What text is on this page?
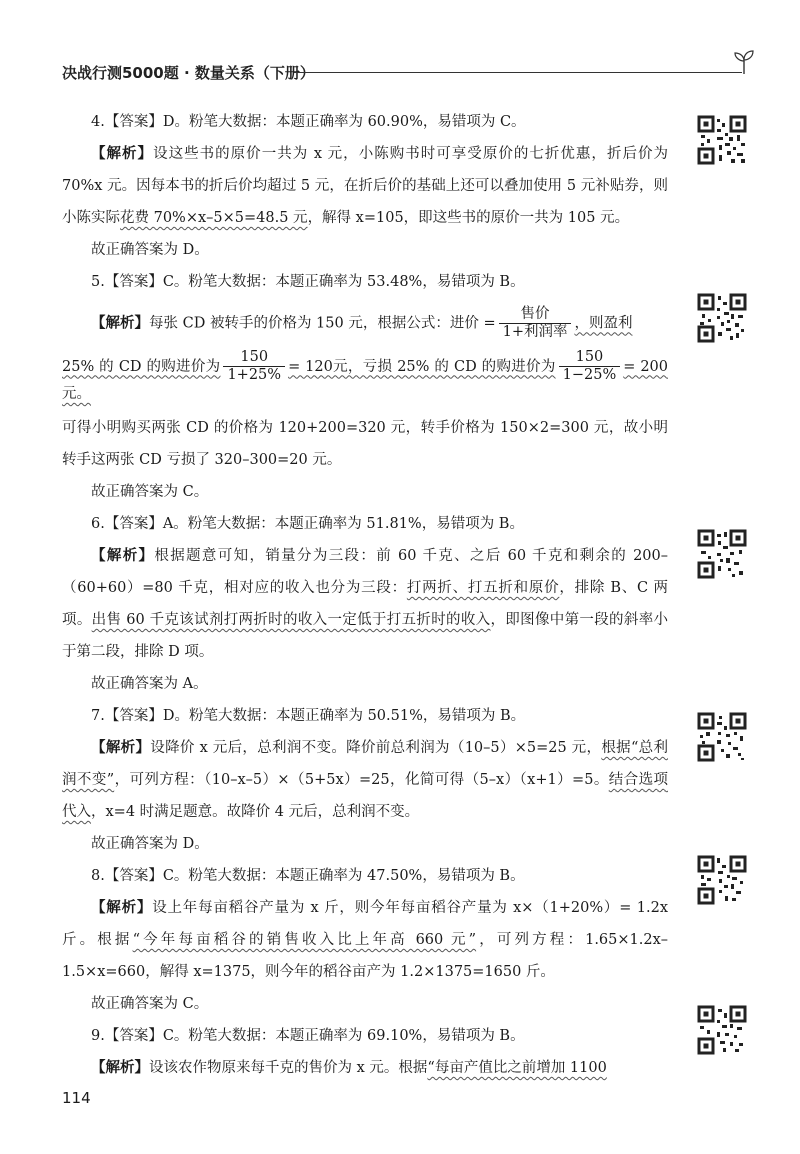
决战行测5000题 · 数量关系（下册）

4.【答案】D。粉笔大数据：本题正确率为 60.90%，易错项为 C。

【解析】设这些书的原价一共为 x 元，小陈购书时可享受原价的七折优惠，折后价为 70%x 元。因每本书的折后价均超过 5 元，在折后价的基础上还可以叠加使用 5 元补贴券，则小陈实际花费 70%×x–5×5=48.5 元，解得 x=105，即这些书的原价一共为 105 元。

故正确答案为 D。

5.【答案】C。粉笔大数据：本题正确率为 53.48%，易错项为 B。

【解析】每张 CD 被转手的价格为 150 元，根据公式：进价 = $\frac{\text{售价}}{\text{1+利润率}}$ ，则盈利

25% 的 CD 的购进价为 $\frac{150}{1+25\%} = 120$元，亏损 25% 的 CD 的购进价为 $\frac{150}{1-25\%} = 200$元。

可得小明购买两张 CD 的价格为 120+200=320 元，转手价格为 150×2=300 元，故小明转手这两张 CD 亏损了 320–300=20 元。

故正确答案为 C。

6.【答案】A。粉笔大数据：本题正确率为 51.81%，易错项为 B。

【解析】根据题意可知，销量分为三段：前 60 千克、之后 60 千克和剩余的 200–（60+60）=80 千克，相对应的收入也分为三段：打两折、打五折和原价，排除 B、C 两项。出售 60 千克该试剂打两折时的收入一定低于打五折时的收入，即图像中第一段的斜率小于第二段，排除 D 项。

故正确答案为 A。

7.【答案】D。粉笔大数据：本题正确率为 50.51%，易错项为 B。

【解析】设降价 x 元后，总利润不变。降价前总利润为（10–5）×5=25 元，根据“总利润不变”，可列方程：（10–x–5）×（5+5x）=25，化简可得（5–x）（x+1）=5。结合选项代入，x=4 时满足题意。故降价 4 元后，总利润不变。

故正确答案为 D。

8.【答案】C。粉笔大数据：本题正确率为 47.50%，易错项为 B。

【解析】设上年每亩稻谷产量为 x 斤，则今年每亩稻谷产量为 x×（1+20%）= 1.2x 斤。根据“今年每亩稻谷的销售收入比上年高 660 元”，可列方程：1.65×1.2x–1.5×x=660，解得 x=1375，则今年的稻谷亩产为 1.2×1375=1650 斤。

故正确答案为 C。

9.【答案】C。粉笔大数据：本题正确率为 69.10%，易错项为 B。

【解析】设该农作物原来每千克的售价为 x 元。根据“每亩产值比之前增加 1100

114
